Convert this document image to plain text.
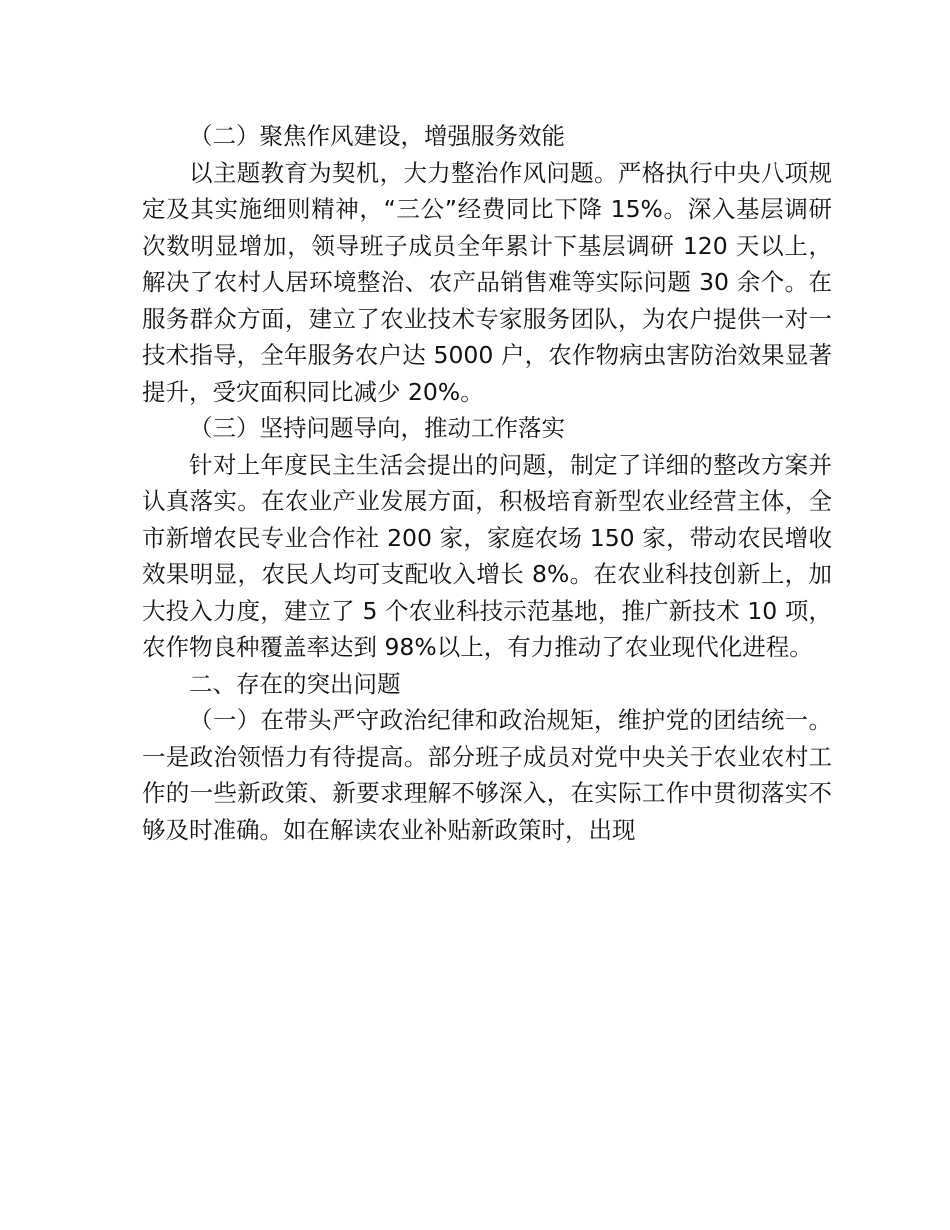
（二）聚焦作风建设，增强服务效能

以主题教育为契机，大力整治作风问题。严格执行中央八项规定及其实施细则精神，“三公”经费同比下降 15%。深入基层调研次数明显增加，领导班子成员全年累计下基层调研 120 天以上，解决了农村人居环境整治、农产品销售难等实际问题 30 余个。在服务群众方面，建立了农业技术专家服务团队，为农户提供一对一技术指导，全年服务农户达 5000 户，农作物病虫害防治效果显著提升，受灾面积同比减少 20%。

（三）坚持问题导向，推动工作落实

针对上年度民主生活会提出的问题，制定了详细的整改方案并认真落实。在农业产业发展方面，积极培育新型农业经营主体，全市新增农民专业合作社 200 家，家庭农场 150 家，带动农民增收效果明显，农民人均可支配收入增长 8%。在农业科技创新上，加大投入力度，建立了 5 个农业科技示范基地，推广新技术 10 项，农作物良种覆盖率达到 98%以上，有力推动了农业现代化进程。

二、存在的突出问题

（一）在带头严守政治纪律和政治规矩，维护党的团结统一。一是政治领悟力有待提高。部分班子成员对党中央关于农业农村工作的一些新政策、新要求理解不够深入，在实际工作中贯彻落实不够及时准确。如在解读农业补贴新政策时，出现
